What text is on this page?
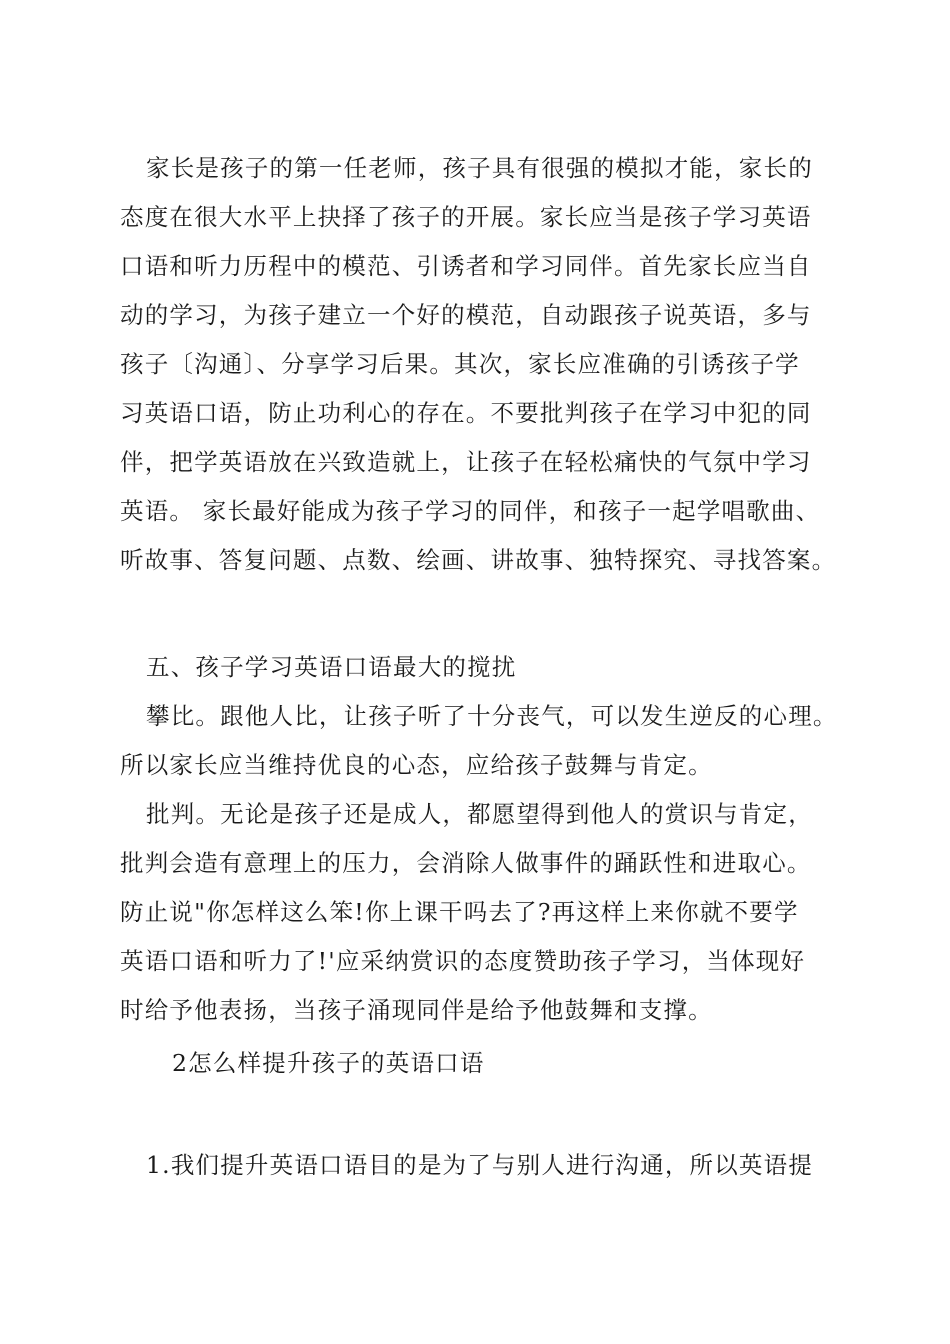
家长是孩子的第一任老师，孩子具有很强的模拟才能，家长的
态度在很大水平上抉择了孩子的开展。家长应当是孩子学习英语
口语和听力历程中的模范、引诱者和学习同伴。首先家长应当自
动的学习，为孩子建立一个好的模范，自动跟孩子说英语，多与
孩子〔沟通〕、分享学习后果。其次，家长应准确的引诱孩子学
习英语口语，防止功利心的存在。不要批判孩子在学习中犯的同
伴，把学英语放在兴致造就上，让孩子在轻松痛快的气氛中学习
英语。 家长最好能成为孩子学习的同伴，和孩子一起学唱歌曲、
听故事、答复问题、点数、绘画、讲故事、独特探究、寻找答案。
五、孩子学习英语口语最大的搅扰
攀比。跟他人比，让孩子听了十分丧气，可以发生逆反的心理。
所以家长应当维持优良的心态，应给孩子鼓舞与肯定。
批判。无论是孩子还是成人，都愿望得到他人的赏识与肯定，
批判会造有意理上的压力，会消除人做事件的踊跃性和进取心。
防止说"你怎样这么笨!你上课干吗去了?再这样上来你就不要学
英语口语和听力了!'应采纳赏识的态度赞助孩子学习，当体现好
时给予他表扬，当孩子涌现同伴是给予他鼓舞和支撑。
2怎么样提升孩子的英语口语
1.我们提升英语口语目的是为了与别人进行沟通，所以英语提
